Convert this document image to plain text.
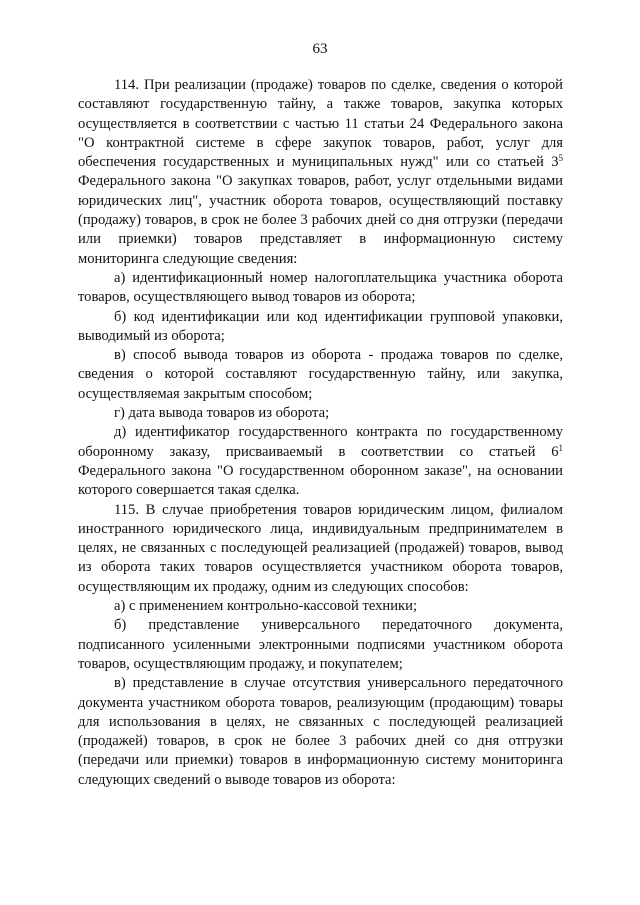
63

114. При реализации (продаже) товаров по сделке, сведения о которой составляют государственную тайну, а также товаров, закупка которых осуществляется в соответствии с частью 11 статьи 24 Федерального закона "О контрактной системе в сфере закупок товаров, работ, услуг для обеспечения государственных и муниципальных нужд" или со статьей $3^5$ Федерального закона "О закупках товаров, работ, услуг отдельными видами юридических лиц", участник оборота товаров, осуществляющий поставку (продажу) товаров, в срок не более 3 рабочих дней со дня отгрузки (передачи или приемки) товаров представляет в информационную систему мониторинга следующие сведения:

а) идентификационный номер налогоплательщика участника оборота товаров, осуществляющего вывод товаров из оборота;

б) код идентификации или код идентификации групповой упаковки, выводимый из оборота;

в) способ вывода товаров из оборота - продажа товаров по сделке, сведения о которой составляют государственную тайну, или закупка, осуществляемая закрытым способом;

г) дата вывода товаров из оборота;

д) идентификатор государственного контракта по государственному оборонному заказу, присваиваемый в соответствии со статьей $6^1$ Федерального закона "О государственном оборонном заказе", на основании которого совершается такая сделка.

115. В случае приобретения товаров юридическим лицом, филиалом иностранного юридического лица, индивидуальным предпринимателем в целях, не связанных с последующей реализацией (продажей) товаров, вывод из оборота таких товаров осуществляется участником оборота товаров, осуществляющим их продажу, одним из следующих способов:

а) с применением контрольно-кассовой техники;

б) представление универсального передаточного документа, подписанного усиленными электронными подписями участником оборота товаров, осуществляющим продажу, и покупателем;

в) представление в случае отсутствия универсального передаточного документа участником оборота товаров, реализующим (продающим) товары для использования в целях, не связанных с последующей реализацией (продажей) товаров, в срок не более 3 рабочих дней со дня отгрузки (передачи или приемки) товаров в информационную систему мониторинга следующих сведений о выводе товаров из оборота:
